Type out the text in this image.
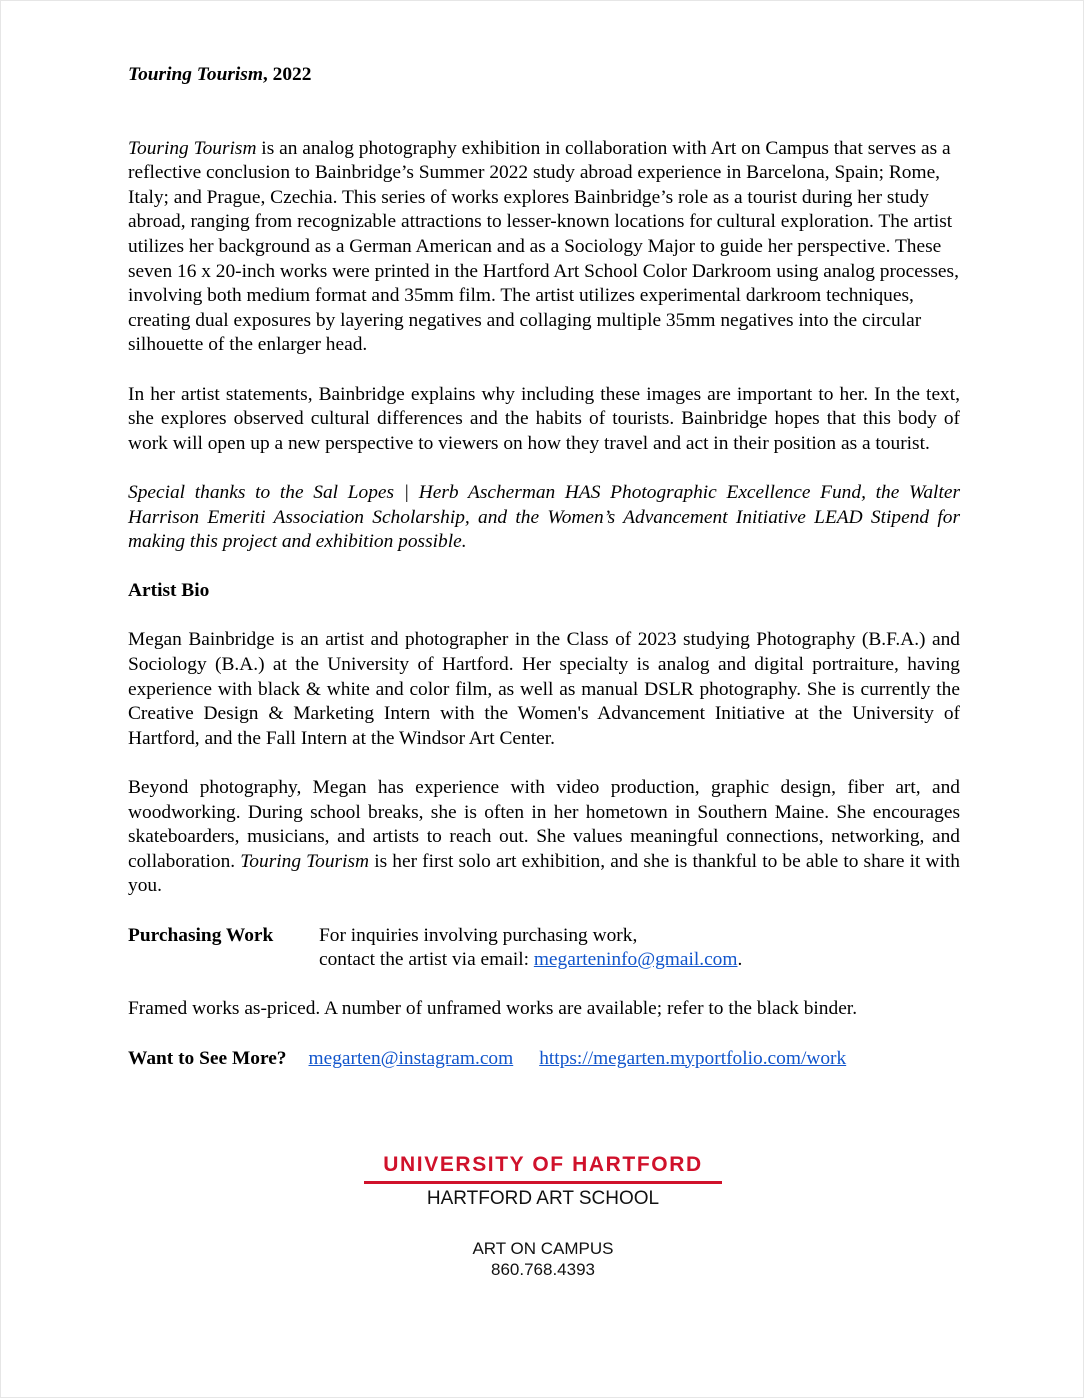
Touring Tourism, 2022

Touring Tourism is an analog photography exhibition in collaboration with Art on Campus that serves as a reflective conclusion to Bainbridge’s Summer 2022 study abroad experience in Barcelona, Spain; Rome, Italy; and Prague, Czechia. This series of works explores Bainbridge’s role as a tourist during her study abroad, ranging from recognizable attractions to lesser-known locations for cultural exploration. The artist utilizes her background as a German American and as a Sociology Major to guide her perspective. These seven 16 x 20-inch works were printed in the Hartford Art School Color Darkroom using analog processes, involving both medium format and 35mm film. The artist utilizes experimental darkroom techniques, creating dual exposures by layering negatives and collaging multiple 35mm negatives into the circular silhouette of the enlarger head.

In her artist statements, Bainbridge explains why including these images are important to her. In the text, she explores observed cultural differences and the habits of tourists. Bainbridge hopes that this body of work will open up a new perspective to viewers on how they travel and act in their position as a tourist.

Special thanks to the Sal Lopes | Herb Ascherman HAS Photographic Excellence Fund, the Walter Harrison Emeriti Association Scholarship, and the Women’s Advancement Initiative LEAD Stipend for making this project and exhibition possible.

Artist Bio

Megan Bainbridge is an artist and photographer in the Class of 2023 studying Photography (B.F.A.) and Sociology (B.A.) at the University of Hartford. Her specialty is analog and digital portraiture, having experience with black & white and color film, as well as manual DSLR photography. She is currently the Creative Design & Marketing Intern with the Women's Advancement Initiative at the University of Hartford, and the Fall Intern at the Windsor Art Center.

Beyond photography, Megan has experience with video production, graphic design, fiber art, and woodworking. During school breaks, she is often in her hometown in Southern Maine. She encourages skateboarders, musicians, and artists to reach out. She values meaningful connections, networking, and collaboration. Touring Tourism is her first solo art exhibition, and she is thankful to be able to share it with you.

Purchasing Work	For inquiries involving purchasing work,
contact the artist via email: megarteninfo@gmail.com.

Framed works as-priced. A number of unframed works are available; refer to the black binder.

Want to See More? megarten@instagram.com https://megarten.myportfolio.com/work
UNIVERSITY OF HARTFORD
HARTFORD ART SCHOOL
ART ON CAMPUS
860.768.4393
